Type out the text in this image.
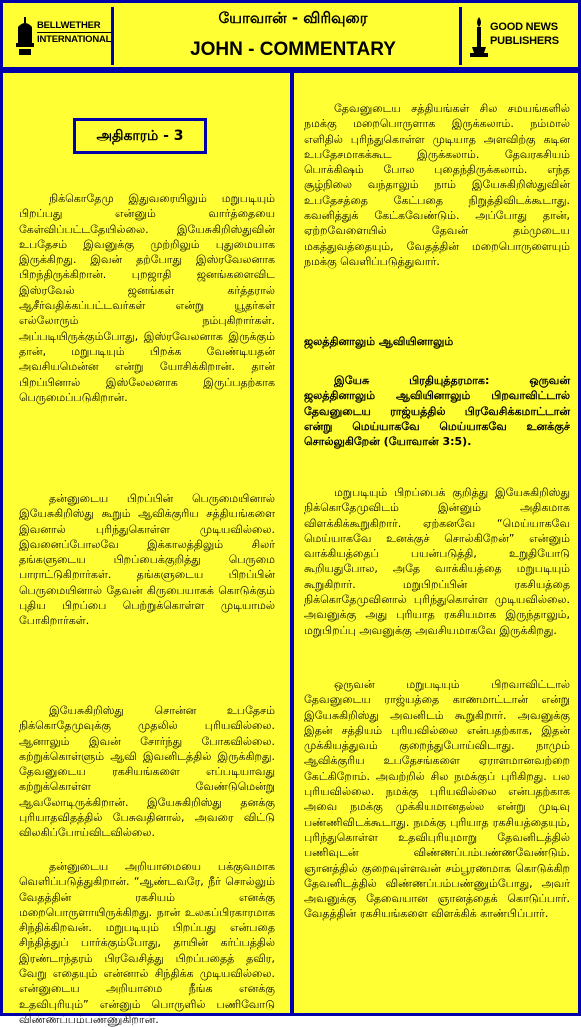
BELLWETHER
INTERNATIONAL
யோவான் - விரிவுரை
JOHN - COMMENTARY
GOOD NEWS
PUBLISHERS
அதிகாரம் - 3

நிக்கொதேமு இதுவரையிலும் மறுபடியும் பிறப்பது என்னும் வார்த்தையை கேள்விப்பட்டதேயில்லை. இயேசுகிறிஸ்துவின் உபதேசம் இவனுக்கு முற்றிலும் புதுமையாக இருக்கிறது. இவன் தற்போது இஸ்ரவேலனாக பிறந்திருக்கிறான். புறஜாதி ஜனங்களைவிட இஸ்ரவேல் ஜனங்கள் கர்த்தரால் ஆசீர்வதிக்கப்பட்டவர்கள் என்று யூதர்கள் எல்லோரும் நம்புகிறார்கள். அப்படியிருக்கும்போது, இஸ்ரவேலனாக இருக்கும் தான், மறுபடியும் பிறக்க வேண்டியதன் அவசியமென்ன என்று யோசிக்கிறான். தான் பிறப்பினால் இஸ்லேலனாக இருப்பதற்காக பெருமைப்படுகிறான்.

தன்னுடைய பிறப்பின் பெருமையினால் இயேசுகிறிஸ்து கூறும் ஆவிக்குரிய சத்தியங்களை இவனால் புரிந்துகொள்ள முடியவில்லை. இவனைப்போலவே இக்காலத்திலும் சிலர் தங்களுடைய பிறப்பைக்குறித்து பெருமை பாராட்டுகிறார்கள். தங்களுடைய பிறப்பின் பெருமையினால் தேவன் கிருபையாகக் கொடுக்கும் புதிய பிறப்பை பெற்றுக்கொள்ள முடியாமல் போகிறார்கள்.

இயேசுகிறிஸ்து சொன்ன உபதேசம் நிக்கொதேமுவுக்கு முதலில் புரியவில்லை. ஆனாலும் இவன் சோர்ந்து போகவில்லை. கற்றுக்கொள்ளும் ஆவி இவனிடத்தில் இருக்கிறது. தேவனுடைய ரகசியங்களை எப்படியாவது கற்றுக்கொள்ள வேண்டுமென்று ஆவலோடிருக்கிறான். இயேசுகிறிஸ்து தனக்கு புரியாதவிதத்தில் பேசுவதினால், அவரை விட்டு விலகிப்போய்விடவில்லை.

தன்னுடைய அறியாமையை பக்குவமாக வெளிப்படுத்துகிறான். “ஆண்டவரே, நீர் சொல்லும் வேதத்தின் ரகசியம் எனக்கு மறைபொருளாயிருக்கிறது. நான் உலகப்பிரகாரமாக சிந்திக்கிறவன். மறுபடியும் பிறப்பது என்பதை சிந்தித்துப் பார்க்கும்போது, தாயின் கர்ப்பத்தில் இரண்டாந்தரம் பிரவேசித்து பிறப்பதைத் தவிர, வேறு எதையும் என்னால் சிந்திக்க முடியவில்லை. என்னுடைய அறியாமை நீங்க எனக்கு உதவிபுரியும்” என்னும் பொருளில் பணிவோடு விண்ணப்பம்பண்ணுகிறான்.

தேவனுடைய சத்தியங்கள் சில சமயங்களில் நமக்கு மறைபொருளாக இருக்கலாம். நம்மால் எளிதில் புரிந்துகொள்ள முடியாத அளவிற்கு கடின உபதேசமாகக்கூட இருக்கலாம். தேவரகசியம் பொக்கிஷம் போல புதைந்திருக்கலாம். எந்த சூழ்நிலை வந்தாலும் நாம் இயேசுகிறிஸ்துவின் உபதேசத்தை கேட்பதை நிறுத்திவிடக்கூடாது. கவனித்துக் கேட்கவேண்டும். அப்போது தான், ஏற்றவேளையில் தேவன் தம்முடைய மகத்துவத்தையும், வேதத்தின் மறைபொருளையும் நமக்கு வெளிப்படுத்துவார்.

ஜலத்தினாலும் ஆவியினாலும்

இயேசு பிரதியுத்தரமாக: ஒருவன் ஜலத்தினாலும் ஆவியினாலும் பிறவாவிட்டால் தேவனுடைய ராஜ்யத்தில் பிரவேசிக்கமாட்டான் என்று மெய்யாகவே மெய்யாகவே உனக்குச் சொல்லுகிறேன் (யோவான் 3:5).

மறுபடியும் பிறப்பைக் குறித்து இயேசுகிறிஸ்து நிக்கொதேமுவிடம் இன்னும் அதிகமாக விளக்கிக்கூறுகிறார். ஏற்கனவே “மெய்யாகவே மெய்யாகவே உனக்குச் சொல்கிறேன்” என்னும் வாக்கியத்தைப் பயன்படுத்தி, உறுதியோடு கூறியதுபோல, அதே வாக்கியத்தை மறுபடியும் கூறுகிறார். மறுபிறப்பின் ரகசியத்தை நிக்கொதேமுவினால் புரிந்துகொள்ள முடியவில்லை. அவனுக்கு அது புரியாத ரகசியமாக இருந்தாலும், மறுபிறப்பு அவனுக்கு அவசியமாகவே இருக்கிறது.

ஒருவன் மறுபடியும் பிறவாவிட்டால் தேவனுடைய ராஜ்யத்தை காணமாட்டான் என்று இயேசுகிறிஸ்து அவனிடம் கூறுகிறார். அவனுக்கு இதன் சத்தியம் புரியவில்லை என்பதற்காக, இதன் முக்கியத்துவம் குறைந்துபோய்விடாது. நாமும் ஆவிக்குரிய உபதேசங்களை ஏராளமானவற்றை கேட்கிறோம். அவற்றில் சில நமக்குப் புரிகிறது. பல புரியவில்லை. நமக்கு புரியவில்லை என்பதற்காக அவை நமக்கு முக்கியமானதல்ல என்று முடிவு பண்ணிவிடக்கூடாது. நமக்கு புரியாத ரகசியத்தையும், புரிந்துகொள்ள உதவிபுரியுமாறு தேவனிடத்தில் பணிவுடன் விண்ணப்பம்பண்ணவேண்டும். ஞானத்தில் குறைவுள்ளவன் சம்பூரணமாக கொடுக்கிற தேவனிடத்தில் விண்ணப்பம்பண்ணும்போது, அவர் அவனுக்கு தேவையான ஞானத்தைக் கொடுப்பார். வேதத்தின் ரகசியங்களை விளக்கிக் காண்பிப்பார்.
